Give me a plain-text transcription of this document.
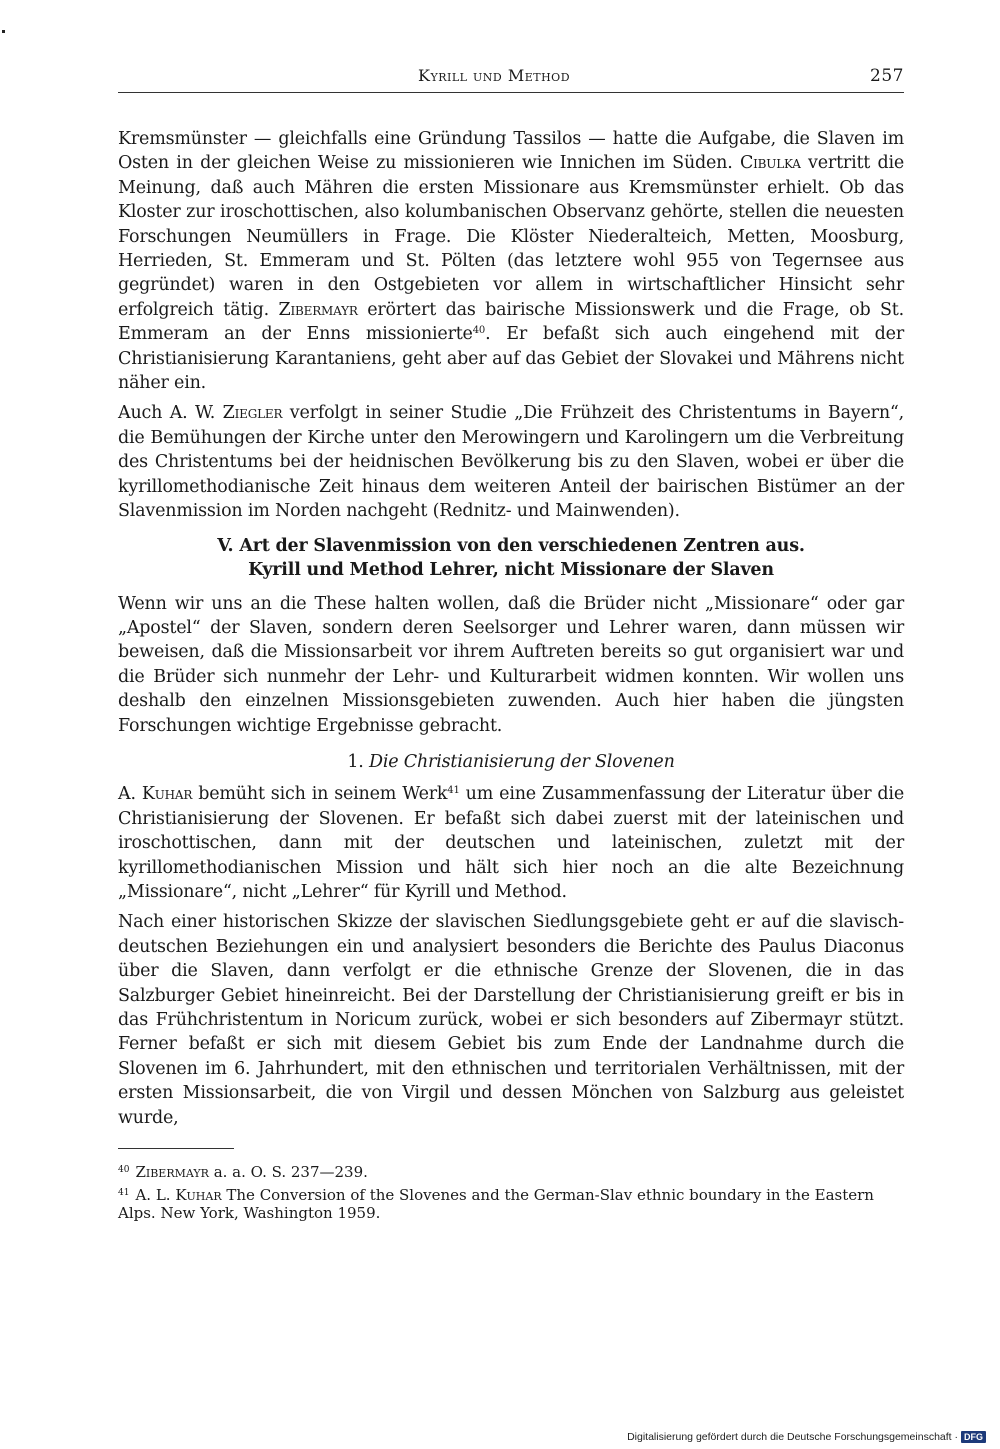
Kyrill und Method	257

Kremsmünster — gleichfalls eine Gründung Tassilos — hatte die Aufgabe, die Slaven im Osten in der gleichen Weise zu missionieren wie Innichen im Süden. Cibulka vertritt die Meinung, daß auch Mähren die ersten Missionare aus Kremsmünster erhielt. Ob das Kloster zur iroschottischen, also kolumbanischen Observanz gehörte, stellen die neuesten Forschungen Neumüllers in Frage. Die Klöster Niederalteich, Metten, Moosburg, Herrieden, St. Emmeram und St. Pölten (das letztere wohl 955 von Tegernsee aus gegründet) waren in den Ostgebieten vor allem in wirtschaftlicher Hinsicht sehr erfolgreich tätig. Zibermayr erörtert das bairische Missionswerk und die Frage, ob St. Emmeram an der Enns missionierte$^{40}$. Er befaßt sich auch eingehend mit der Christianisierung Karantaniens, geht aber auf das Gebiet der Slovakei und Mährens nicht näher ein.

Auch A. W. Ziegler verfolgt in seiner Studie „Die Frühzeit des Christentums in Bayern“, die Bemühungen der Kirche unter den Merowingern und Karolingern um die Verbreitung des Christentums bei der heidnischen Bevölkerung bis zu den Slaven, wobei er über die kyrillomethodianische Zeit hinaus dem weiteren Anteil der bairischen Bistümer an der Slavenmission im Norden nachgeht (Rednitz- und Mainwenden).

V. Art der Slavenmission von den verschiedenen Zentren aus.
Kyrill und Method Lehrer, nicht Missionare der Slaven

Wenn wir uns an die These halten wollen, daß die Brüder nicht „Missionare“ oder gar „Apostel“ der Slaven, sondern deren Seelsorger und Lehrer waren, dann müssen wir beweisen, daß die Missionsarbeit vor ihrem Auftreten bereits so gut organisiert war und die Brüder sich nunmehr der Lehr- und Kulturarbeit widmen konnten. Wir wollen uns deshalb den einzelnen Missionsgebieten zuwenden. Auch hier haben die jüngsten Forschungen wichtige Ergebnisse gebracht.

1. Die Christianisierung der Slovenen

A. Kuhar bemüht sich in seinem Werk$^{41}$ um eine Zusammenfassung der Literatur über die Christianisierung der Slovenen. Er befaßt sich dabei zuerst mit der lateinischen und iroschottischen, dann mit der deutschen und lateinischen, zuletzt mit der kyrillomethodianischen Mission und hält sich hier noch an die alte Bezeichnung „Missionare“, nicht „Lehrer“ für Kyrill und Method.

Nach einer historischen Skizze der slavischen Siedlungsgebiete geht er auf die slavisch-deutschen Beziehungen ein und analysiert besonders die Berichte des Paulus Diaconus über die Slaven, dann verfolgt er die ethnische Grenze der Slovenen, die in das Salzburger Gebiet hineinreicht. Bei der Darstellung der Christianisierung greift er bis in das Frühchristentum in Noricum zurück, wobei er sich besonders auf Zibermayr stützt. Ferner befaßt er sich mit diesem Gebiet bis zum Ende der Landnahme durch die Slovenen im 6. Jahrhundert, mit den ethnischen und territorialen Verhältnissen, mit der ersten Missionsarbeit, die von Virgil und dessen Mönchen von Salzburg aus geleistet wurde,

$^{40}$ Zibermayr a. a. O. S. 237—239.

$^{41}$ A. L. Kuhar The Conversion of the Slovenes and the German-Slav ethnic boundary in the Eastern Alps. New York, Washington 1959.

Digitalisierung gefördert durch die Deutsche Forschungsgemeinschaft · DFG
